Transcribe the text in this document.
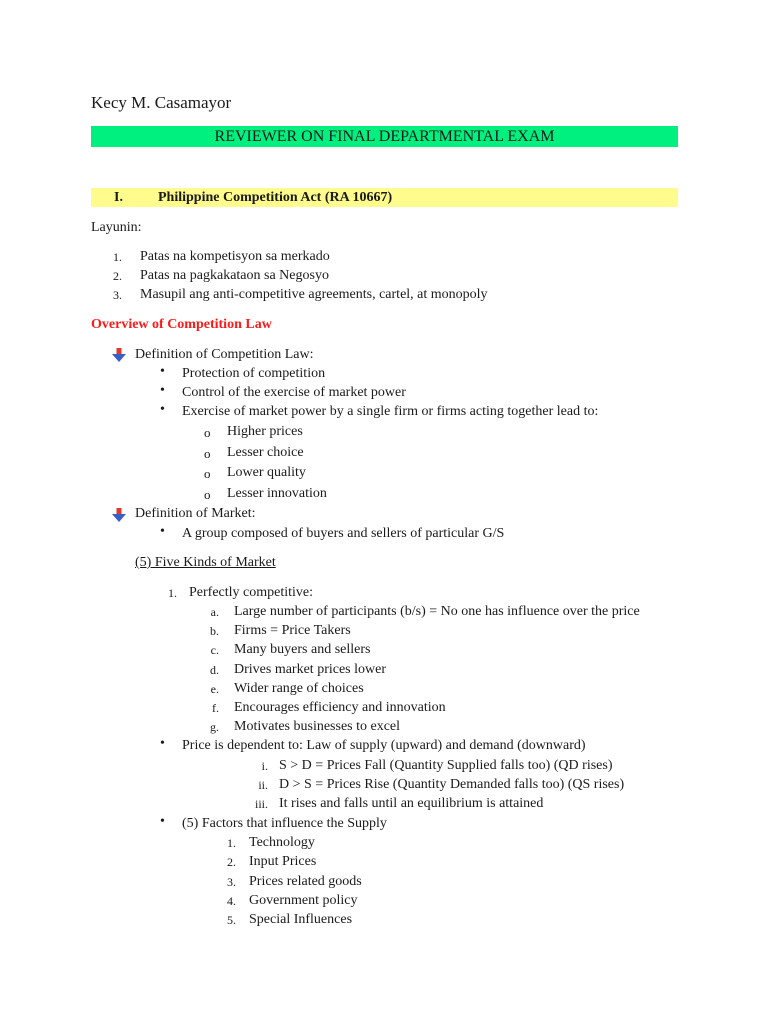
Kecy M. Casamayor
REVIEWER ON FINAL DEPARTMENTAL EXAM
I.	Philippine Competition Act (RA 10667)
Layunin:
1. Patas na kompetisyon sa merkado
2. Patas na pagkakataon sa Negosyo
3. Masupil ang anti-competitive agreements, cartel, at monopoly
Overview of Competition Law
Definition of Competition Law:
• Protection of competition
• Control of the exercise of market power
• Exercise of market power by a single firm or firms acting together lead to:
o Higher prices
o Lesser choice
o Lower quality
o Lesser innovation
Definition of Market:
• A group composed of buyers and sellers of particular G/S
(5) Five Kinds of Market
1. Perfectly competitive:
a. Large number of participants (b/s) = No one has influence over the price
b. Firms = Price Takers
c. Many buyers and sellers
d. Drives market prices lower
e. Wider range of choices
f. Encourages efficiency and innovation
g. Motivates businesses to excel
• Price is dependent to: Law of supply (upward) and demand (downward)
i. S > D = Prices Fall (Quantity Supplied falls too) (QD rises)
ii. D > S = Prices Rise (Quantity Demanded falls too) (QS rises)
iii. It rises and falls until an equilibrium is attained
• (5) Factors that influence the Supply
1. Technology
2. Input Prices
3. Prices related goods
4. Government policy
5. Special Influences
